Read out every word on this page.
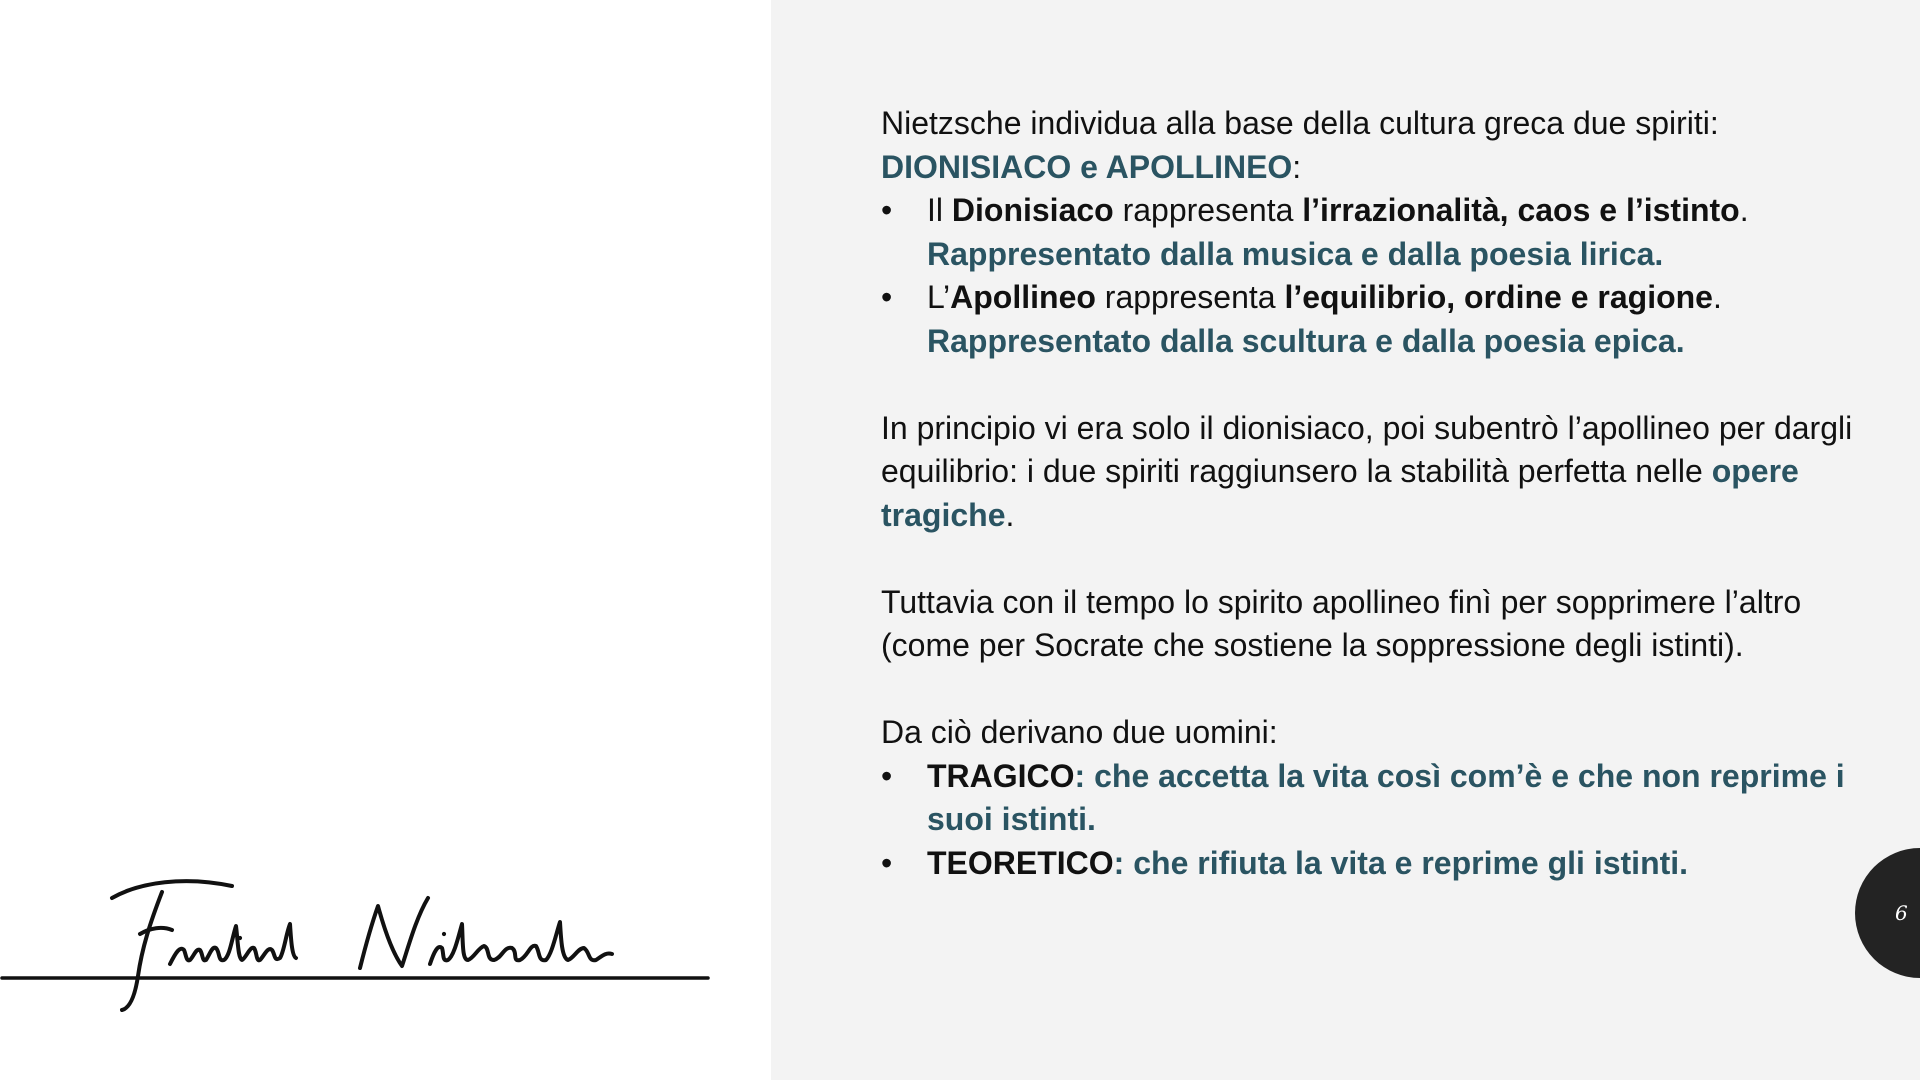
Nietzsche individua alla base della cultura greca due spiriti:
DIONISIACO e APOLLINEO:

• Il Dionisiaco rappresenta l’irrazionalità, caos e l’istinto.
Rappresentato dalla musica e dalla poesia lirica.
• L’Apollineo rappresenta l’equilibrio, ordine e ragione.
Rappresentato dalla scultura e dalla poesia epica.

In principio vi era solo il dionisiaco, poi subentrò l’apollineo per dargli equilibrio: i due spiriti raggiunsero la stabilità perfetta nelle opere tragiche.

Tuttavia con il tempo lo spirito apollineo finì per sopprimere l’altro (come per Socrate che sostiene la soppressione degli istinti).

Da ciò derivano due uomini:

• TRAGICO: che accetta la vita così com’è e che non reprime i suoi istinti.
• TEORETICO: che rifiuta la vita e reprime gli istinti.
6
